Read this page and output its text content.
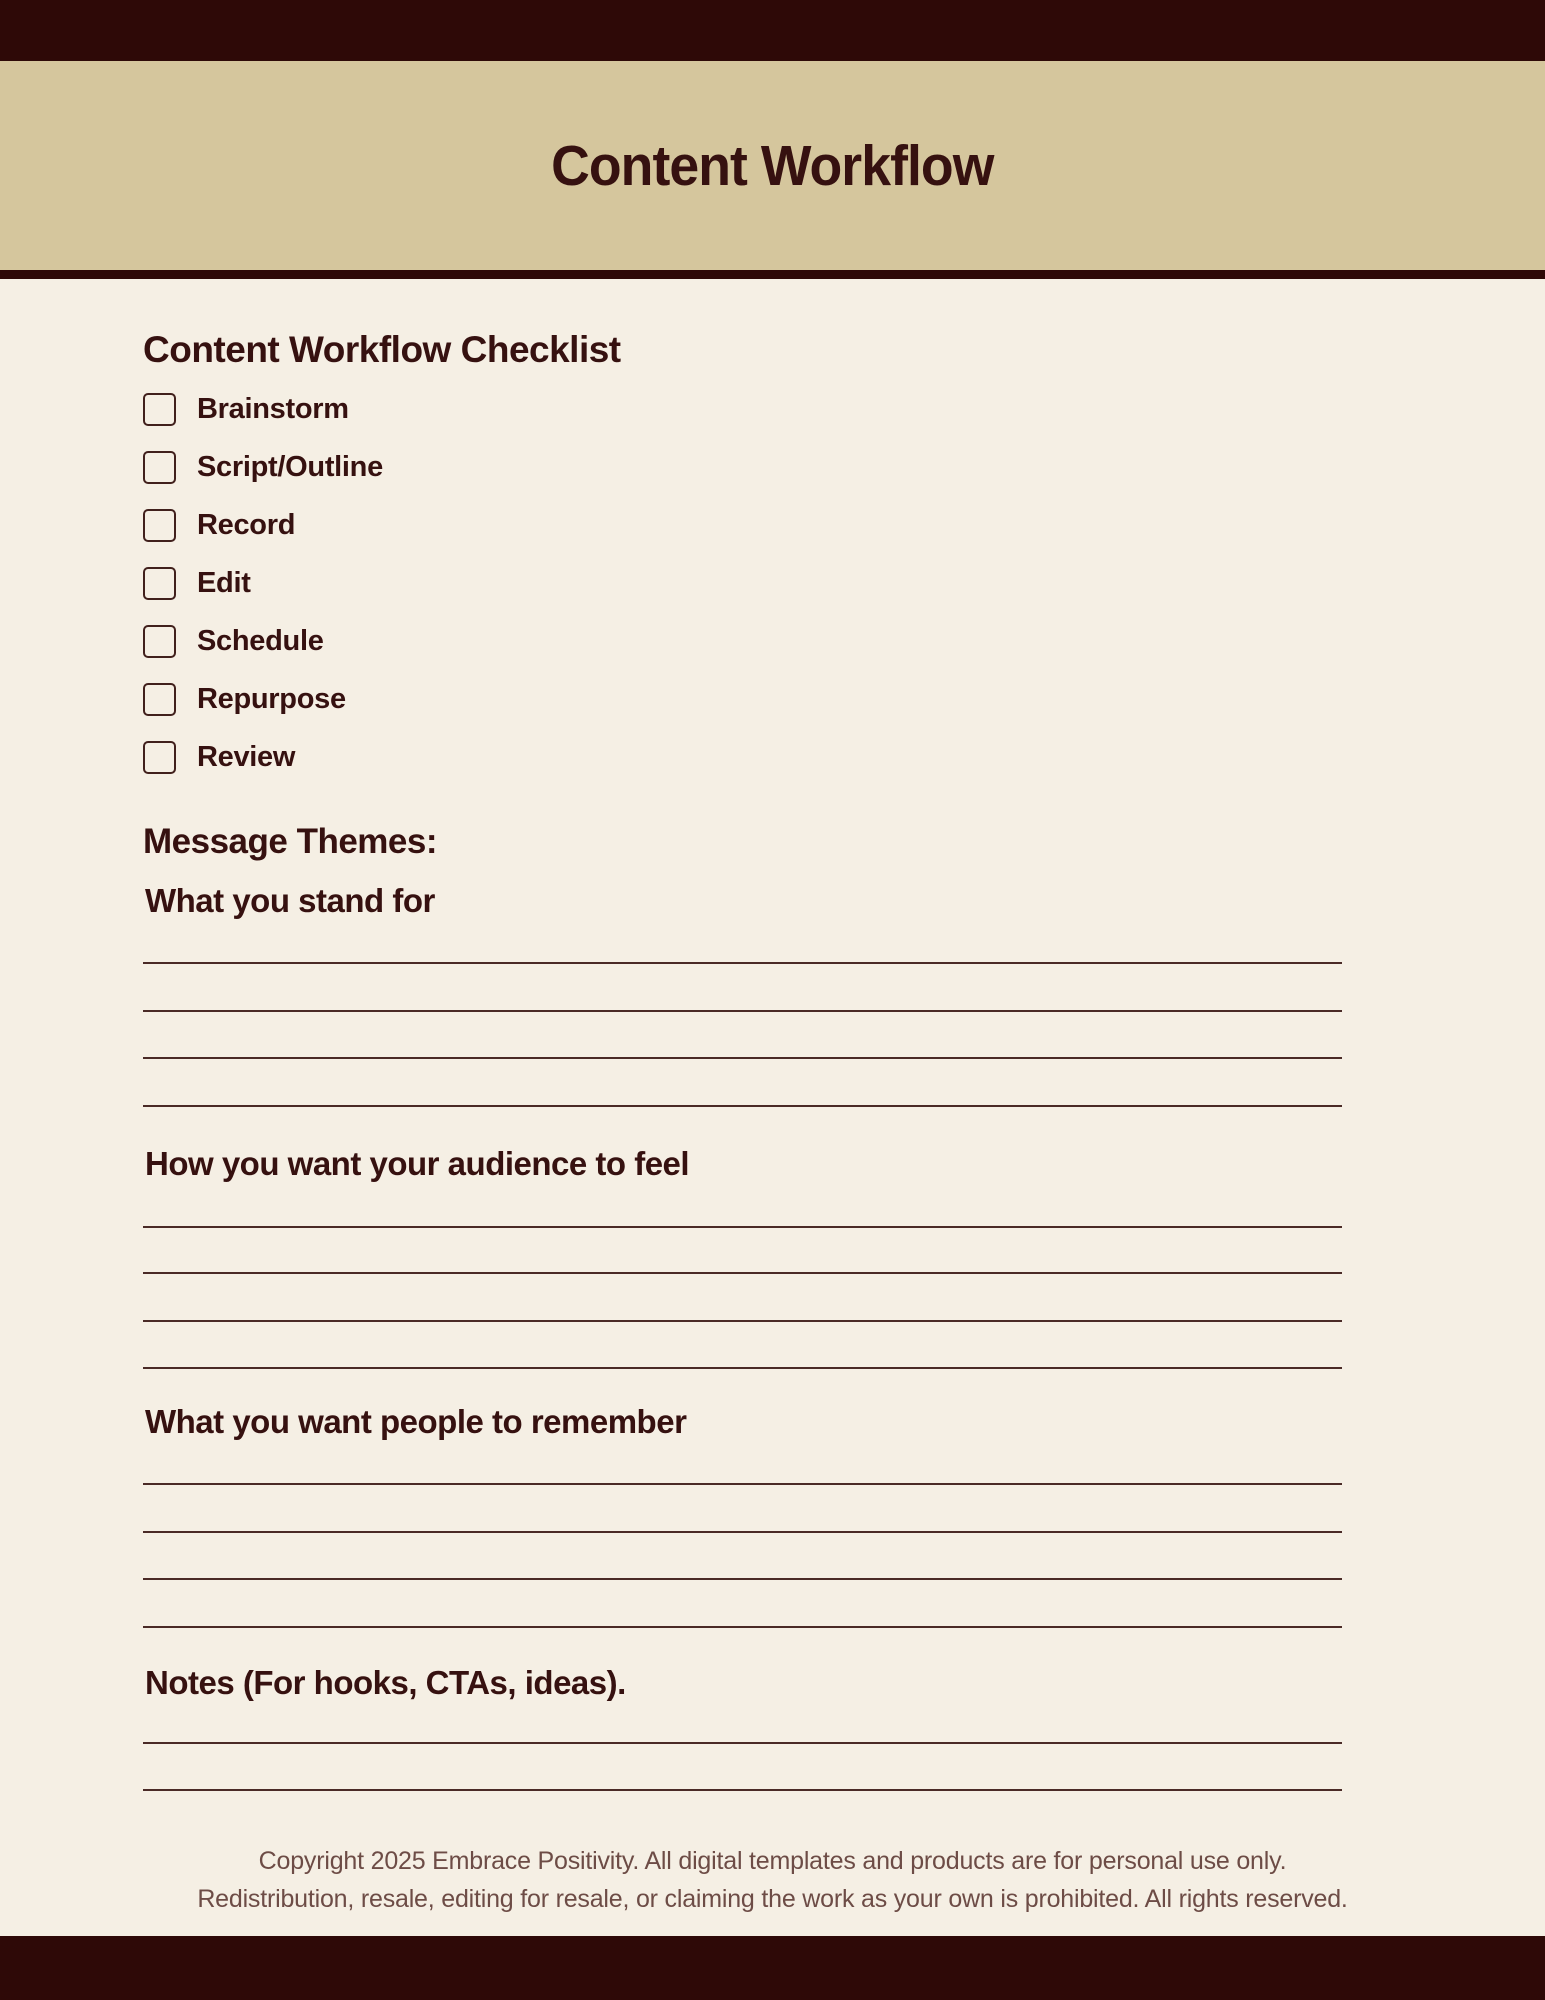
Content Workflow
Content Workflow Checklist
Brainstorm
Script/Outline
Record
Edit
Schedule
Repurpose
Review
Message Themes:
What you stand for
How you want your audience to feel
What you want people to remember
Notes (For hooks, CTAs, ideas).
Copyright 2025 Embrace Positivity. All digital templates and products are for personal use only.
Redistribution, resale, editing for resale, or claiming the work as your own is prohibited. All rights reserved.
